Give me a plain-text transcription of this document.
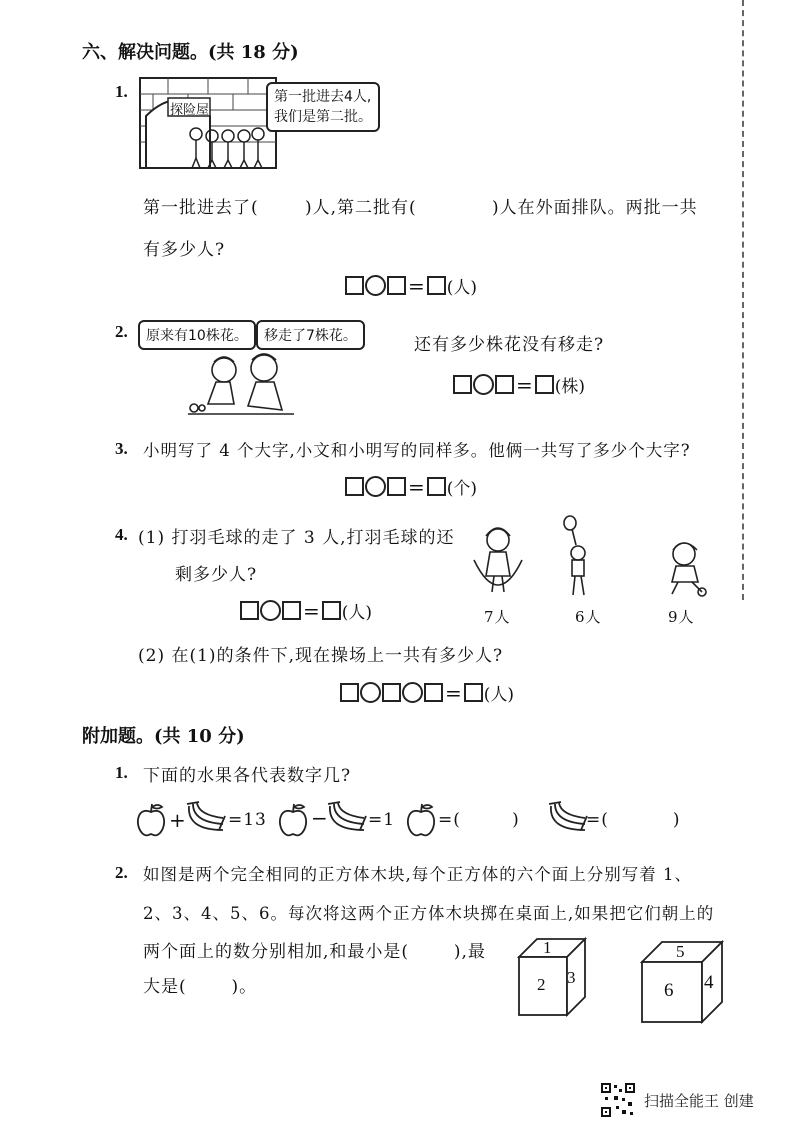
六、解决问题。(共 18 分)
1.
探险屋
第一批进去4人,
我们是第二批。
第一批进去了(	)人,第二批有(	)人在外面排队。两批一共
有多少人?
= (人)
2.	原来有10株花。	移走了7株花。	还有多少株花没有移走?
= (株)
3. 小明写了 4 个大字,小文和小明写的同样多。他俩一共写了多少个大字?
= (个)
4. (1) 打羽毛球的走了 3 人,打羽毛球的还
剩多少人?
= (人)	7人	6人	9人
(2) 在(1)的条件下,现在操场上一共有多少人?
= (人)
附加题。(共 10 分)
1. 下面的水果各代表数字几?
+ =13 − =1	=(        )	=(          )
2. 如图是两个完全相同的正方体木块,每个正方体的六个面上分别写着 1、
2、3、4、5、6。每次将这两个正方体木块掷在桌面上,如果把它们朝上的
两个面上的数分别相加,和最小是(       ),最
大是(       )。
1
2 3
5
6 4
扫描全能王 创建
